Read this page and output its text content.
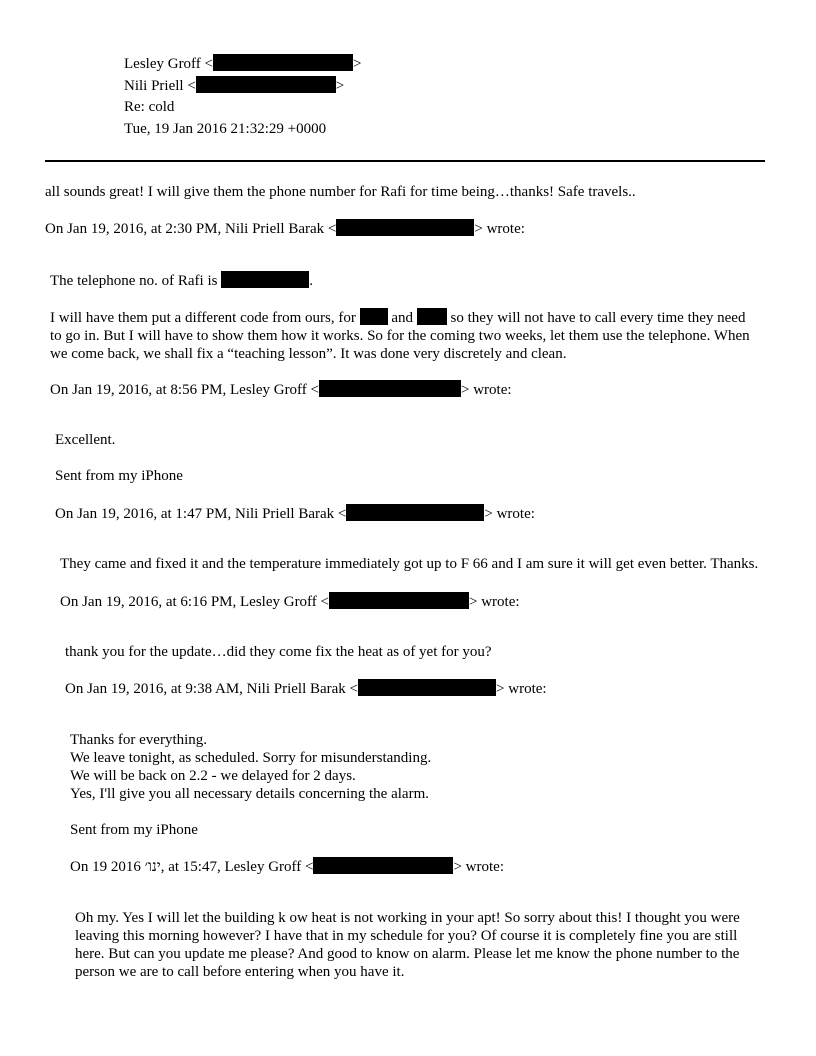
Lesley Groff <	>
Nili Priell <	>
Re: cold
Tue, 19 Jan 2016 21:32:29 +0000
all sounds great! I will give them the phone number for Rafi for time being…thanks! Safe travels..
On Jan 19, 2016, at 2:30 PM, Nili Priell Barak <	> wrote:
The telephone no. of Rafi is	.
I will have them put a different code from ours, for  and  so they will not have to call every time they need to go in. But I will have to show them how it works. So for the coming two weeks, let them use the telephone. When we come back, we shall fix a “teaching lesson”. It was done very discretely and clean.
On Jan 19, 2016, at 8:56 PM, Lesley Groff <	> wrote:
Excellent.
Sent from my iPhone
On Jan 19, 2016, at 1:47 PM, Nili Priell Barak <	> wrote:
They came and fixed it and the temperature immediately got up to F 66 and I am sure it will get even better. Thanks.
On Jan 19, 2016, at 6:16 PM, Lesley Groff <	> wrote:
thank you for the update…did they come fix the heat as of yet for you?
On Jan 19, 2016, at 9:38 AM, Nili Priell Barak <	> wrote:
Thanks for everything.
We leave tonight, as scheduled. Sorry for misunderstanding.
We will be back on 2.2 - we delayed for 2 days.
Yes, I'll give you all necessary details concerning the alarm.
Sent from my iPhone
On 19 ינו׳ 2016, at 15:47, Lesley Groff <	> wrote:
Oh my. Yes I will let the building k ow heat is not working in your apt! So sorry about this! I thought you were leaving this morning however? I have that in my schedule for you? Of course it is completely fine you are still here. But can you update me please? And good to know on alarm. Please let me know the phone number to the person we are to call before entering when you have it.
